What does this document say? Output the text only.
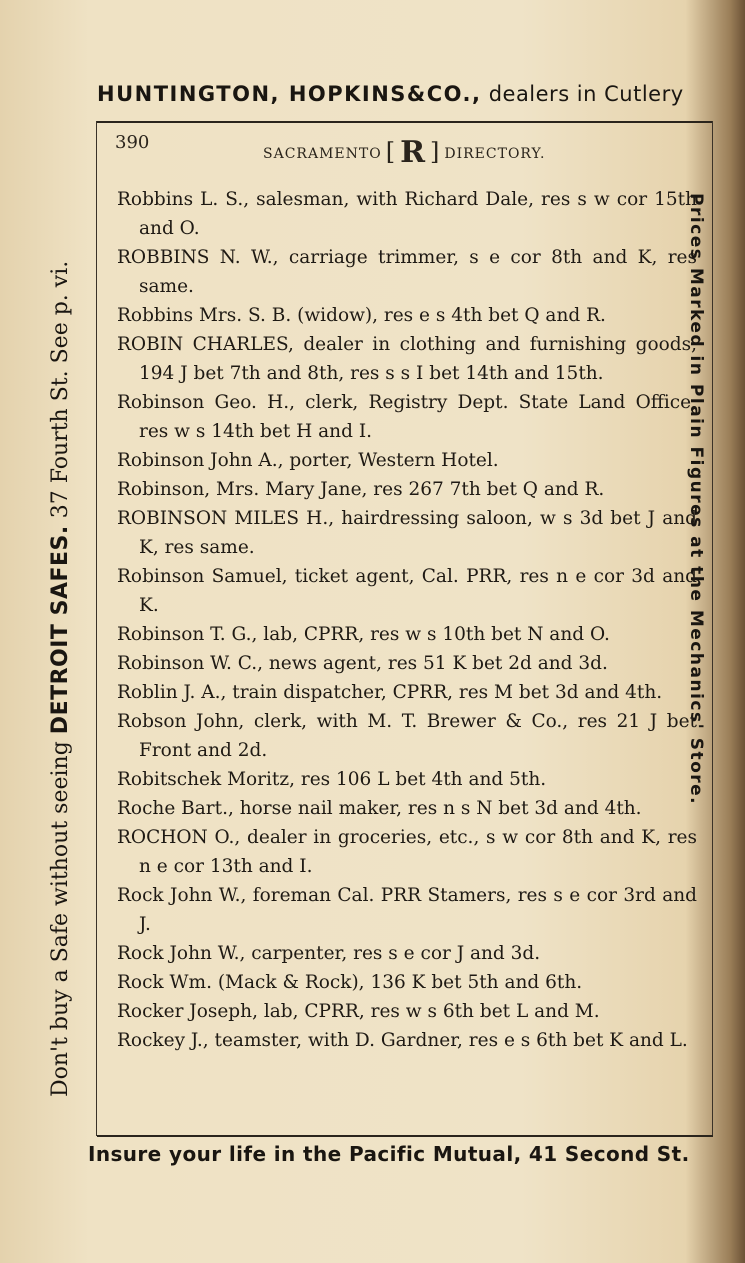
HUNTINGTON, HOPKINS&CO., dealers in Cutlery
Don't buy a Safe without seeing DETROIT SAFES. 37 Fourth St. See p. vi.	Prices Marked in Plain Figures at the Mechanics' Store.
390
SACRAMENTO [ R ] DIRECTORY.
Robbins L. S., salesman, with Richard Dale, res s w cor 15th and O.
ROBBINS N. W., carriage trimmer, s e cor 8th and K, res same.
Robbins Mrs. S. B. (widow), res e s 4th bet Q and R.
ROBIN CHARLES, dealer in clothing and furnishing goods, 194 J bet 7th and 8th, res s s I bet 14th and 15th.
Robinson Geo. H., clerk, Registry Dept. State Land Office, res w s 14th bet H and I.
Robinson John A., porter, Western Hotel.
Robinson, Mrs. Mary Jane, res 267 7th bet Q and R.
ROBINSON MILES H., hairdressing saloon, w s 3d bet J and K, res same.
Robinson Samuel, ticket agent, Cal. PRR, res n e cor 3d and K.
Robinson T. G., lab, CPRR, res w s 10th bet N and O.
Robinson W. C., news agent, res 51 K bet 2d and 3d.
Roblin J. A., train dispatcher, CPRR, res M bet 3d and 4th.
Robson John, clerk, with M. T. Brewer & Co., res 21 J bet Front and 2d.
Robitschek Moritz, res 106 L bet 4th and 5th.
Roche Bart., horse nail maker, res n s N bet 3d and 4th.
ROCHON O., dealer in groceries, etc., s w cor 8th and K, res n e cor 13th and I.
Rock John W., foreman Cal. PRR Stamers, res s e cor 3rd and J.
Rock John W., carpenter, res s e cor J and 3d.
Rock Wm. (Mack & Rock), 136 K bet 5th and 6th.
Rocker Joseph, lab, CPRR, res w s 6th bet L and M.
Rockey J., teamster, with D. Gardner, res e s 6th bet K and L.
Insure your life in the Pacific Mutual, 41 Second St.
